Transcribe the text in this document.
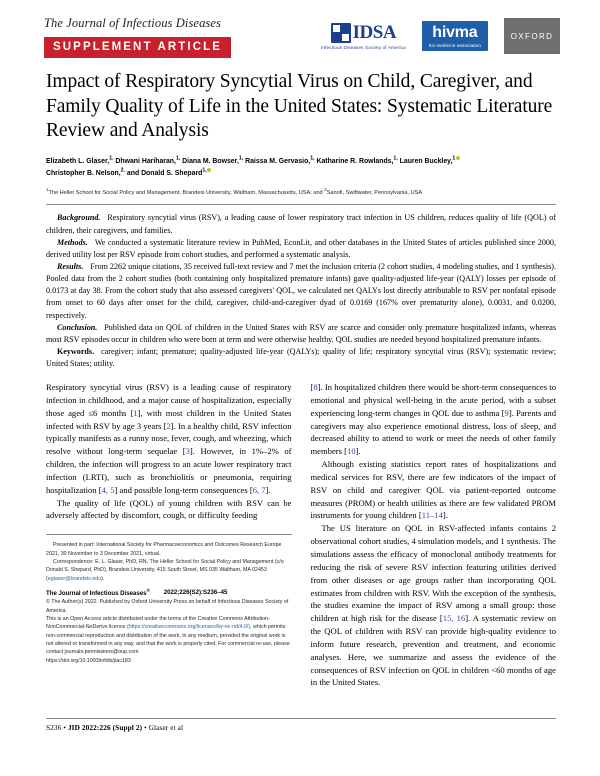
The Journal of Infectious Diseases
SUPPLEMENT ARTICLE
IDSA
Infectious Diseases Society of America
hivma
hiv medicine association
OXFORD
Impact of Respiratory Syncytial Virus on Child, Caregiver, and Family Quality of Life in the United States: Systematic Literature Review and Analysis
Elizabeth L. Glaser,$^{1,}$ Dhwani Hariharan,$^{1,}$ Diana M. Bowser,$^{1,}$ Raissa M. Gervasio,$^{1,}$ Katharine R. Rowlands,$^{1,}$ Lauren Buckley,$^1$
Christopher B. Nelson,$^{2,}$ and Donald S. Shepard$^{1,}$
$^1$The Heller School for Social Policy and Management, Brandeis University, Waltham, Massachusetts, USA; and $^2$Sanofi, Swiftwater, Pennsylvania, USA

Background. Respiratory syncytial virus (RSV), a leading cause of lower respiratory tract infection in US children, reduces quality of life (QOL) of children, their caregivers, and families.

Methods. We conducted a systematic literature review in PubMed, EconLit, and other databases in the United States of articles published since 2000, derived utility lost per RSV episode from cohort studies, and performed a systematic analysis.

Results. From 2262 unique citations, 35 received full-text review and 7 met the inclusion criteria (2 cohort studies, 4 modeling studies, and 1 synthesis). Pooled data from the 2 cohort studies (both containing only hospitalized premature infants) gave quality-adjusted life-year (QALY) losses per episode of 0.0173 at day 38. From the cohort study that also assessed caregivers' QOL, we calculated net QALYs lost directly attributable to RSV per nonfatal episode from onset to 60 days after onset for the child, caregiver, child-and-caregiver dyad of 0.0169 (167% over prematurity alone), 0.0031, and 0.0200, respectively.

Conclusion. Published data on QOL of children in the United States with RSV are scarce and consider only premature hospitalized infants, whereas most RSV episodes occur in children who were born at term and were otherwise healthy. QOL studies are needed beyond hospitalized premature infants.

Keywords. caregiver; infant; premature; quality-adjusted life-year (QALYs); quality of life; respiratory syncytial virus (RSV); systematic review; United States; utility.

Respiratory syncytial virus (RSV) is a leading cause of respiratory infection in childhood, and a major cause of hospitalization, especially those aged ≤6 months [1], with most children in the United States infected with RSV by age 3 years [2]. In a healthy child, RSV infection typically manifests as a runny nose, fever, cough, and wheezing, which resolve without long-term sequelae [3]. However, in 1%–2% of children, the infection will progress to an acute lower respiratory tract infection (LRTI), such as bronchiolitis or pneumonia, requiring hospitalization [4, 5] and possible long-term consequences [6, 7].

The quality of life (QOL) of young children with RSV can be adversely affected by discomfort, cough, or difficulty feeding

Presented in part: International Society for Pharmacoeconomics and Outcomes Research Europe 2021, 30 November to 3 December 2021, virtual.

Correspondence: E. L. Glaser, PhD, RN, The Heller School for Social Policy and Management (c/o Donald S. Shepard, PhD), Brandeis University, 415 South Street, MS 035 Waltham, MA 02453 (eglaser@brandeis.edu).

The Journal of Infectious Diseases® 2022;226(S2):S236–45

© The Author(s) 2022. Published by Oxford University Press on behalf of Infectious Diseases Society of America.

This is an Open Access article distributed under the terms of the Creative Commons Attribution-NonCommercial-NoDerivs licence (https://creativecommons.org/licenses/by-nc-nd/4.0/), which permits non-commercial reproduction and distribution of the work, in any medium, provided the original work is not altered or transformed in any way, and that the work is properly cited. For commercial re-use, please contact journals.permissions@oup.com

https://doi.org/10.1093/infdis/jiac183

[8]. In hospitalized children there would be short-term consequences to emotional and physical well-being in the acute period, with a subset experiencing long-term changes in QOL due to asthma [9]. Parents and caregivers may also experience emotional distress, loss of sleep, and decreased ability to attend to work or meet the needs of other family members [10].

Although existing statistics report rates of hospitalizations and medical services for RSV, there are few indicators of the impact of RSV on child and caregiver QOL via patient-reported outcome measures (PROM) or health utilities as there are few validated PROM instruments for young children [11–14].

The US literature on QOL in RSV-affected infants contains 2 observational cohort studies, 4 simulation models, and 1 synthesis. The simulations assess the efficacy of monoclonal antibody treatments for reducing the risk of severe RSV infection featuring utilities derived from other diseases or age groups rather than incorporating QOL estimates from children with RSV. With the exception of the synthesis, the studies examine the impact of RSV among a small group: those children at high risk for the disease [15, 16]. A systematic review on the QOL of children with RSV can provide high-quality evidence to inform future research, prevention and treatment, and economic analyses. Here, we summarize and assess the evidence of the consequences of RSV infection on QOL in children <60 months of age in the United States.

S236 • JID 2022:226 (Suppl 2) • Glaser et al
